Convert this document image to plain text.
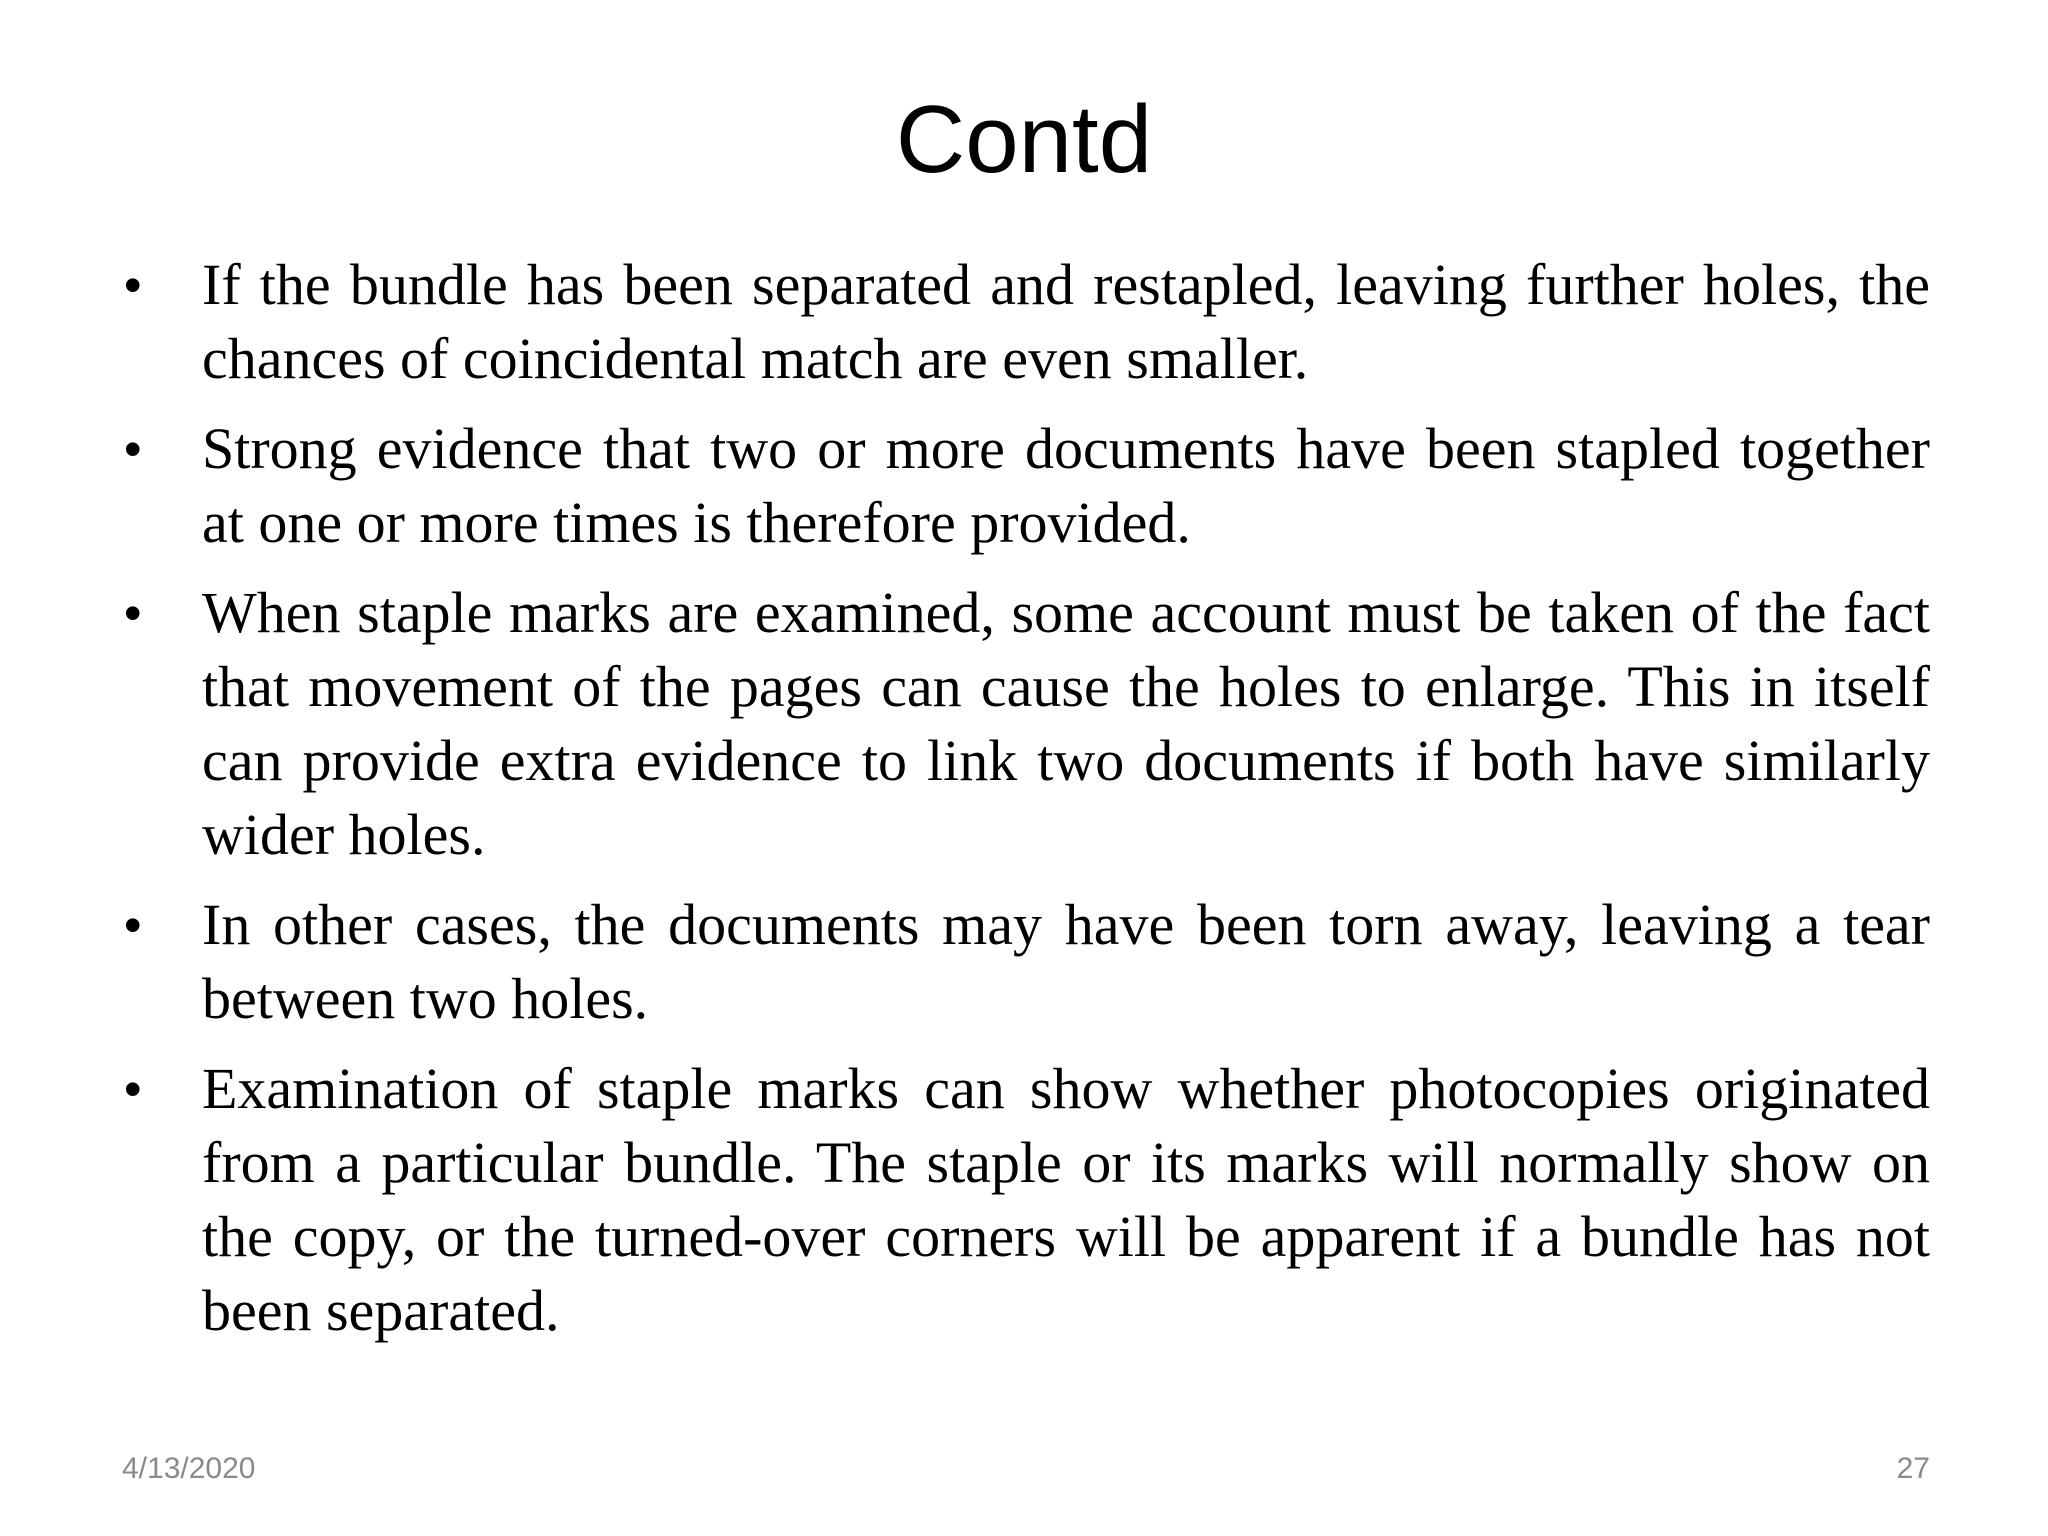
Contd
• If the bundle has been separated and restapled, leaving further holes, the chances of coincidental match are even smaller.
• Strong evidence that two or more documents have been stapled together at one or more times is therefore provided.
• When staple marks are examined, some account must be taken of the fact that movement of the pages can cause the holes to enlarge. This in itself can provide extra evidence to link two documents if both have similarly wider holes.
• In other cases, the documents may have been torn away, leaving a tear between two holes.
• Examination of staple marks can show whether photocopies originated from a particular bundle. The staple or its marks will normally show on the copy, or the turned-over corners will be apparent if a bundle has not been separated.
4/13/2020	27
